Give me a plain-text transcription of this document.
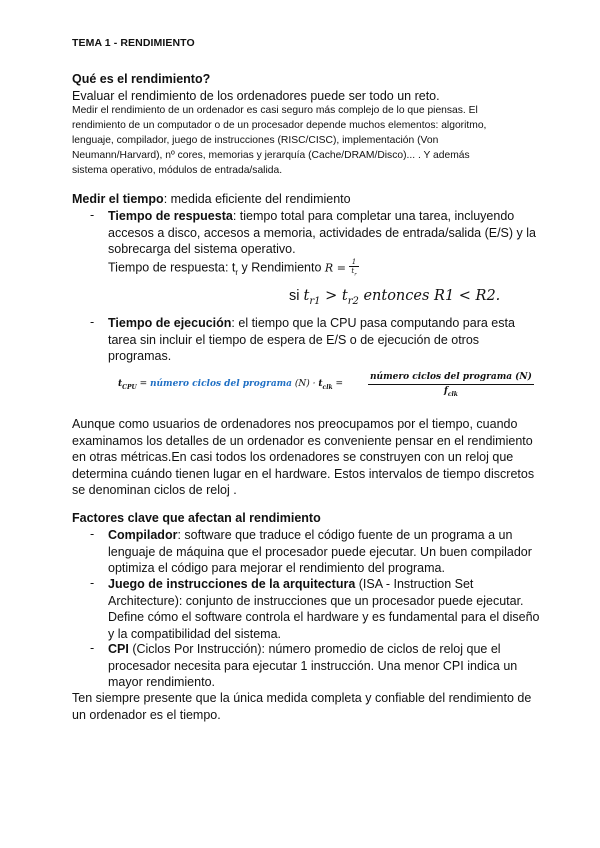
TEMA 1 - RENDIMIENTO
Qué es el rendimiento?
Evaluar el rendimiento de los ordenadores puede ser todo un reto.
Medir el rendimiento de un ordenador es casi seguro más complejo de lo que piensas. El
rendimiento de un computador o de un procesador depende muchos elementos: algoritmo,
lenguaje, compilador, juego de instrucciones (RISC/CISC), implementación (Von
Neumann/Harvard), nº cores, memorias y jerarquía (Cache/DRAM/Disco)... . Y además
sistema operativo, módulos de entrada/salida.
Medir el tiempo: medida eficiente del rendimiento
- Tiempo de respuesta: tiempo total para completar una tarea, incluyendo
accesos a disco, accesos a memoria, actividades de entrada/salida (E/S) y la
sobrecarga del sistema operativo.
Tiempo de respuesta: $t_r$ y Rendimiento $R = \frac{1}{t_r}$
si $t_{r1} > t_{r2}$ entonces R1 < R2.
- Tiempo de ejecución: el tiempo que la CPU pasa computando para esta
tarea sin incluir el tiempo de espera de E/S o de ejecución de otros
programas.
$t_{CPU}$ = número ciclos del programa $(N) \cdot t_{clk}$ =
número ciclos del programa (N)
$f_{clk}$
Aunque como usuarios de ordenadores nos preocupamos por el tiempo, cuando
examinamos los detalles de un ordenador es conveniente pensar en el rendimiento
en otras métricas.En casi todos los ordenadores se construyen con un reloj que
determina cuándo tienen lugar en el hardware. Estos intervalos de tiempo discretos
se denominan ciclos de reloj .
Factores clave que afectan al rendimiento
- Compilador: software que traduce el código fuente de un programa a un
lenguaje de máquina que el procesador puede ejecutar. Un buen compilador
optimiza el código para mejorar el rendimiento del programa.
- Juego de instrucciones de la arquitectura (ISA - Instruction Set
Architecture): conjunto de instrucciones que un procesador puede ejecutar.
Define cómo el software controla el hardware y es fundamental para el diseño
y la compatibilidad del sistema.
- CPI (Ciclos Por Instrucción): número promedio de ciclos de reloj que el
procesador necesita para ejecutar 1 instrucción. Una menor CPI indica un
mayor rendimiento.
Ten siempre presente que la única medida completa y confiable del rendimiento de
un ordenador es el tiempo.
